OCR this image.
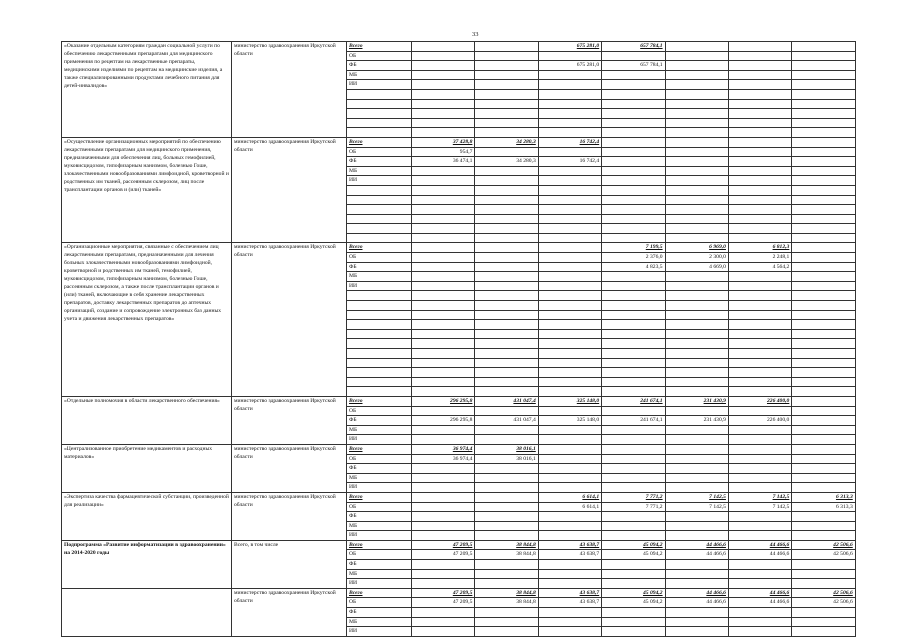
33
«Оказание отдельным категориям граждан социальной услуги по обеспечению лекарственными препаратами для медицинского применения по рецептам на лекарственные препараты, медицинскими изделиями по рецептам на медицинские изделия, а также специализированными продуктами лечебного питания для детей-инвалидов»	министерство здравоохранения Иркутской области	Всего			675 281,0	657 784,1			
		ОБ							
		ФБ			675 281,0	657 784,1			
		МБ							
		ИИ							

«Осуществление организационных мероприятий по обеспечению лекарственными препаратами для медицинского применения, предназначенными для обеспечения лиц, больных гемофилией, муковисцидозом, гипофизарным нанизмом, болезнью Гоше, злокачественными новообразованиями лимфоидной, кроветворной и родственных им тканей, рассеянным склерозом, лиц после трансплантации органов и (или) тканей»	министерство здравоохранения Иркутской области	Всего	37 428,8	34 280,3	16 742,4				
		ОБ	954,7						
		ФБ	36 474,1	34 280,3	16 742,4				
		МБ							
		ИИ							

«Организационные мероприятия, связанные с обеспечением лиц лекарственными препаратами, предназначенными для лечения больных злокачественными новообразованиями лимфоидной, кроветворной и родственных им тканей, гемофилией, муковисцидозом, гипофизарным нанизмом, болезнью Гоше, рассеянным склерозом, а также после трансплантации органов и (или) тканей, включающие в себя хранение лекарственных препаратов, доставку лекарственных препаратов до аптечных организаций, создание и сопровождение электронных баз данных учета и движения лекарственных препаратов»	министерство здравоохранения Иркутской области	Всего				7 199,5	6 969,0	6 812,3	
		ОБ				2 376,0	2 300,0	2 248,1	
		ФБ				4 823,5	4 669,0	4 564,2	
		МБ							
		ИИ							

«Отдельные полномочия в области лекарственного обеспечения»	министерство здравоохранения Иркутской области	Всего	296 295,8	431 047,4	325 148,0	241 674,1	231 430,9	226 400,0	
		ОБ							
		ФБ	296 295,8	431 047,4	325 148,0	241 674,1	231 430,9	226 400,0	
		МБ							
		ИИ							
«Централизованное приобретение медикаментов и расходных материалов»	министерство здравоохранения Иркутской области	Всего	36 974,4	38 016,1					
		ОБ	36 974,4	38 016,1					
		ФБ							
		МБ							
		ИИ							
«Экспертиза качества фармацевтической субстанции, произведенной для реализации»	министерство здравоохранения Иркутской области	Всего			6 614,1	7 771,2	7 142,5	7 142,5	6 313,3
		ОБ			6 614,1	7 771,2	7 142,5	7 142,5	6 313,3
		ФБ							
		МБ							
		ИИ							
Подпрограмма «Развитие информатизации в здравоохранении» на 2014-2020 годы	Всего, в том числе	Всего	47 209,5	38 844,8	43 638,7	45 094,2	44 466,6	44 466,6	42 506,6
		ОБ	47 209,5	38 844,8	43 638,7	45 094,2	44 466,6	44 466,6	42 506,6
		ФБ							
		МБ							
		ИИ							
	министерство здравоохранения Иркутской области	Всего	47 209,5	38 844,8	43 638,7	45 094,2	44 466,6	44 466,6	42 506,6
		ОБ	47 209,5	38 844,8	43 638,7	45 094,2	44 466,6	44 466,6	42 506,6
		ФБ							
		МБ							
		ИИ							
